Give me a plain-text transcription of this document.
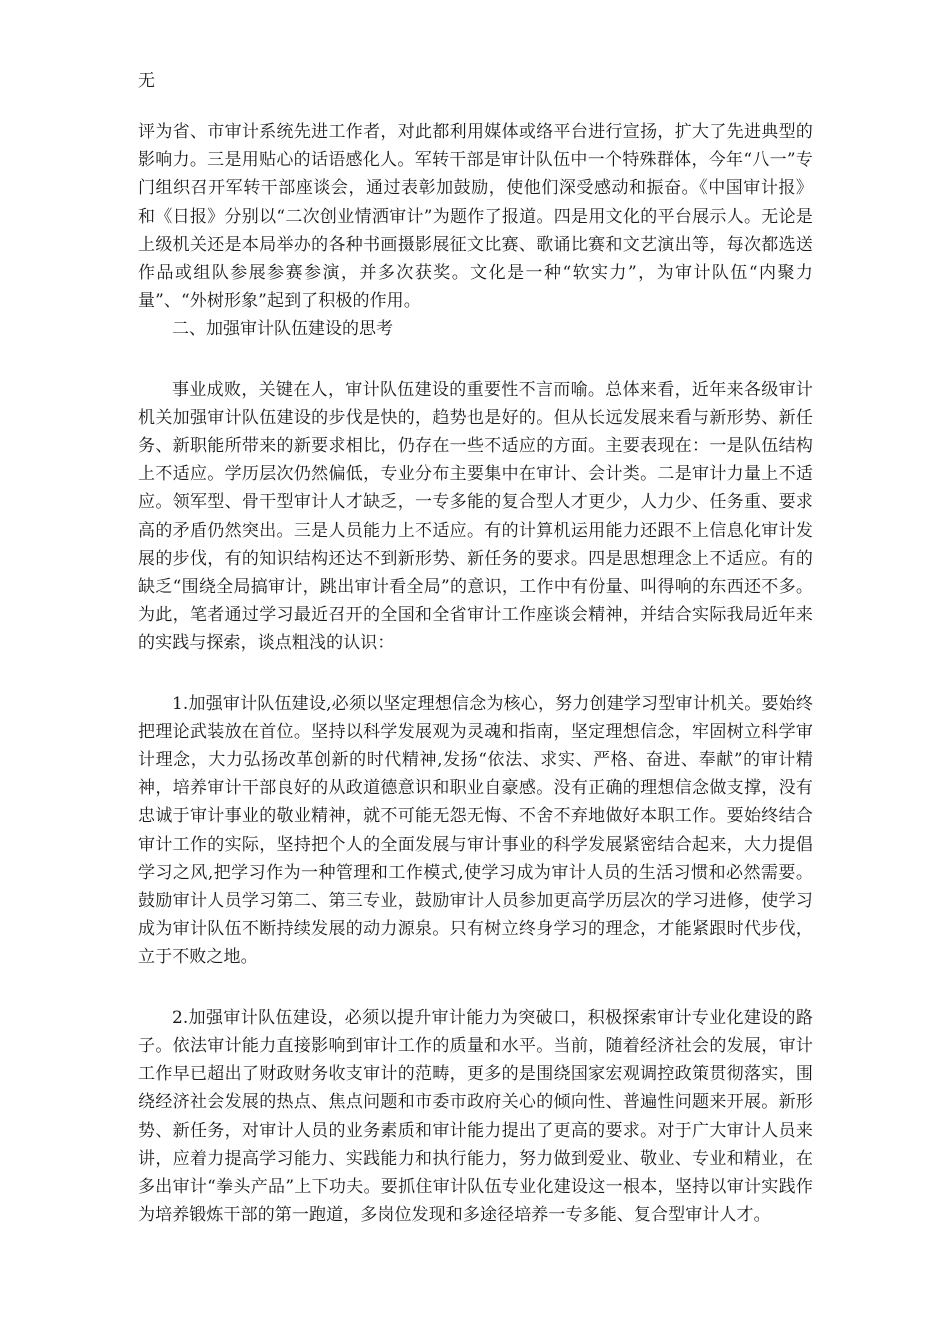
无

评为省、市审计系统先进工作者，对此都利用媒体或络平台进行宣扬，扩大了先进典型的影响力。三是用贴心的话语感化人。军转干部是审计队伍中一个特殊群体，今年“八一”专门组织召开军转干部座谈会，通过表彰加鼓励，使他们深受感动和振奋。《中国审计报》和《日报》分别以“二次创业情洒审计”为题作了报道。四是用文化的平台展示人。无论是上级机关还是本局举办的各种书画摄影展征文比赛、歌诵比赛和文艺演出等，每次都选送作品或组队参展参赛参演，并多次获奖。文化是一种“软实力”，为审计队伍“内聚力量”、“外树形象”起到了积极的作用。

二、加强审计队伍建设的思考

事业成败，关键在人，审计队伍建设的重要性不言而喻。总体来看，近年来各级审计机关加强审计队伍建设的步伐是快的，趋势也是好的。但从长远发展来看与新形势、新任务、新职能所带来的新要求相比，仍存在一些不适应的方面。主要表现在：一是队伍结构上不适应。学历层次仍然偏低，专业分布主要集中在审计、会计类。二是审计力量上不适应。领军型、骨干型审计人才缺乏，一专多能的复合型人才更少，人力少、任务重、要求高的矛盾仍然突出。三是人员能力上不适应。有的计算机运用能力还跟不上信息化审计发展的步伐，有的知识结构还达不到新形势、新任务的要求。四是思想理念上不适应。有的缺乏“围绕全局搞审计，跳出审计看全局”的意识，工作中有份量、叫得响的东西还不多。为此，笔者通过学习最近召开的全国和全省审计工作座谈会精神，并结合实际我局近年来的实践与探索，谈点粗浅的认识：

1.加强审计队伍建设,必须以坚定理想信念为核心，努力创建学习型审计机关。要始终把理论武装放在首位。坚持以科学发展观为灵魂和指南，坚定理想信念，牢固树立科学审计理念，大力弘扬改革创新的时代精神,发扬“依法、求实、严格、奋进、奉献”的审计精神，培养审计干部良好的从政道德意识和职业自豪感。没有正确的理想信念做支撑，没有忠诚于审计事业的敬业精神，就不可能无怨无悔、不舍不弃地做好本职工作。要始终结合审计工作的实际，坚持把个人的全面发展与审计事业的科学发展紧密结合起来，大力提倡学习之风,把学习作为一种管理和工作模式,使学习成为审计人员的生活习惯和必然需要。鼓励审计人员学习第二、第三专业，鼓励审计人员参加更高学历层次的学习进修，使学习成为审计队伍不断持续发展的动力源泉。只有树立终身学习的理念，才能紧跟时代步伐，立于不败之地。

2.加强审计队伍建设，必须以提升审计能力为突破口，积极探索审计专业化建设的路子。依法审计能力直接影响到审计工作的质量和水平。当前，随着经济社会的发展，审计工作早已超出了财政财务收支审计的范畴，更多的是围绕国家宏观调控政策贯彻落实，围绕经济社会发展的热点、焦点问题和市委市政府关心的倾向性、普遍性问题来开展。新形势、新任务，对审计人员的业务素质和审计能力提出了更高的要求。对于广大审计人员来讲，应着力提高学习能力、实践能力和执行能力，努力做到爱业、敬业、专业和精业，在多出审计“拳头产品”上下功夫。要抓住审计队伍专业化建设这一根本，坚持以审计实践作为培养锻炼干部的第一跑道，多岗位发现和多途径培养一专多能、复合型审计人才。
